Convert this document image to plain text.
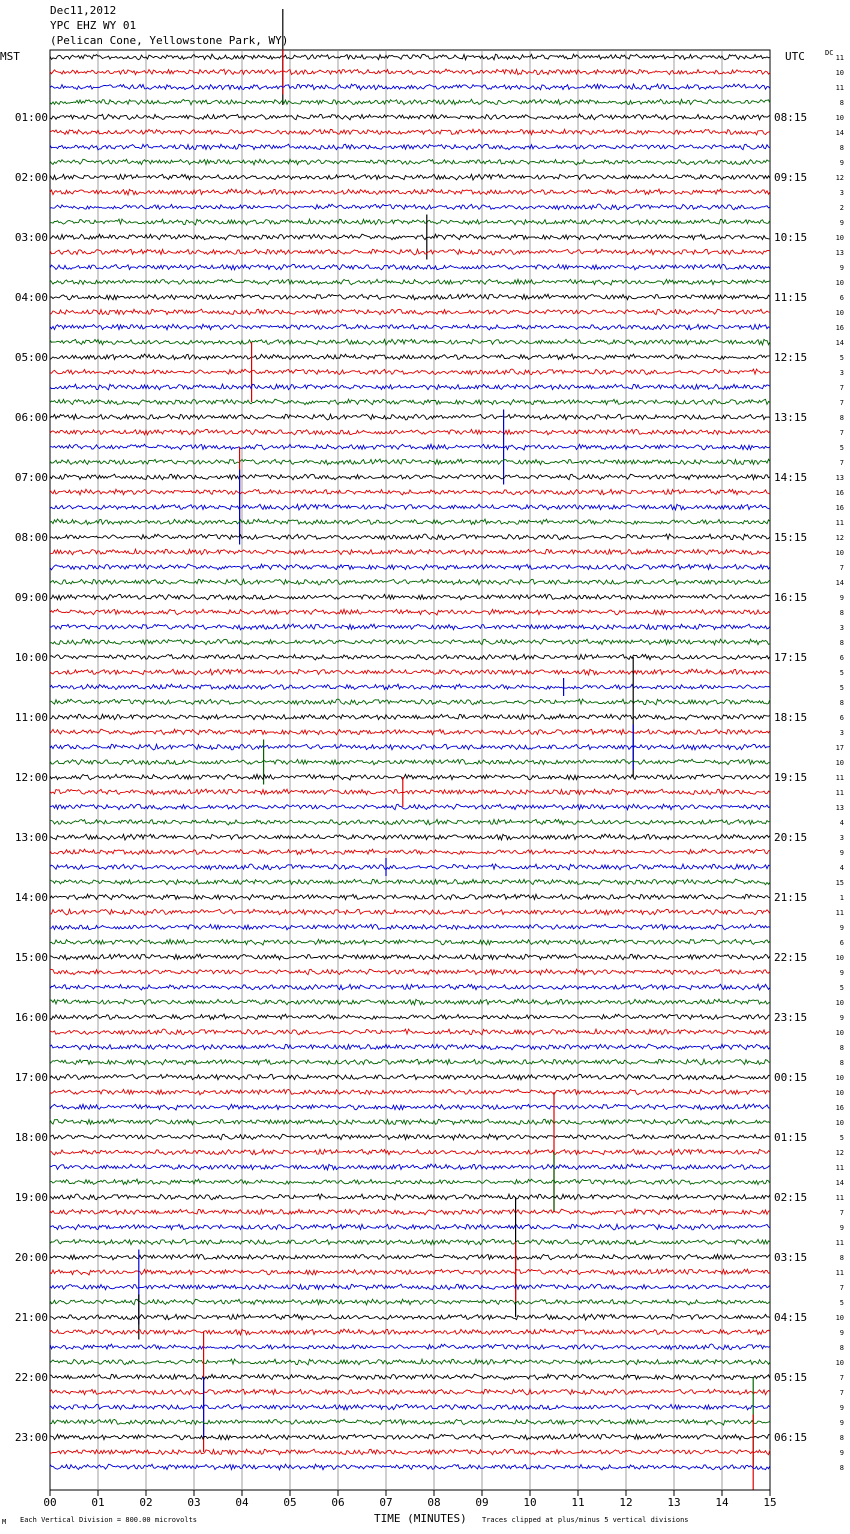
Dec11,2012
YPC EHZ WY 01
(Pelican Cone, Yellowstone Park, WY)
MST	UTC	DC
00	01	02	03	04	05	06	07	08	09	10	11	12	13	14	15
11
10
11
8
10
14
8
9
12
3
2
9
10
13
9
10
6
10
16
14
5
3
7
7
8
7
5
7
13
16
16
11
12
10
7
14
9
8
3
8
6
5
5
8
6
3
17
10
11
11
13
4
3
9
4
15
1
11
9
6
10
9
5
10
9
10
8
8
10
10
16
10
5
12
11
14
11
7
9
11
8
11
7
5
10
9
8
10
7
7
9
9
8
9
8
01:00	08:15
02:00	09:15
03:00	10:15
04:00	11:15
05:00	12:15
06:00	13:15
07:00	14:15
08:00	15:15
09:00	16:15
10:00	17:15
11:00	18:15
12:00	19:15
13:00	20:15
14:00	21:15
15:00	22:15
16:00	23:15
17:00	00:15
18:00	01:15
19:00	02:15
20:00	03:15
21:00	04:15
22:00	05:15
23:00	06:15
TIME (MINUTES)
M Each Vertical Division = 800.00 microvolts	Traces clipped at plus/minus 5 vertical divisions
